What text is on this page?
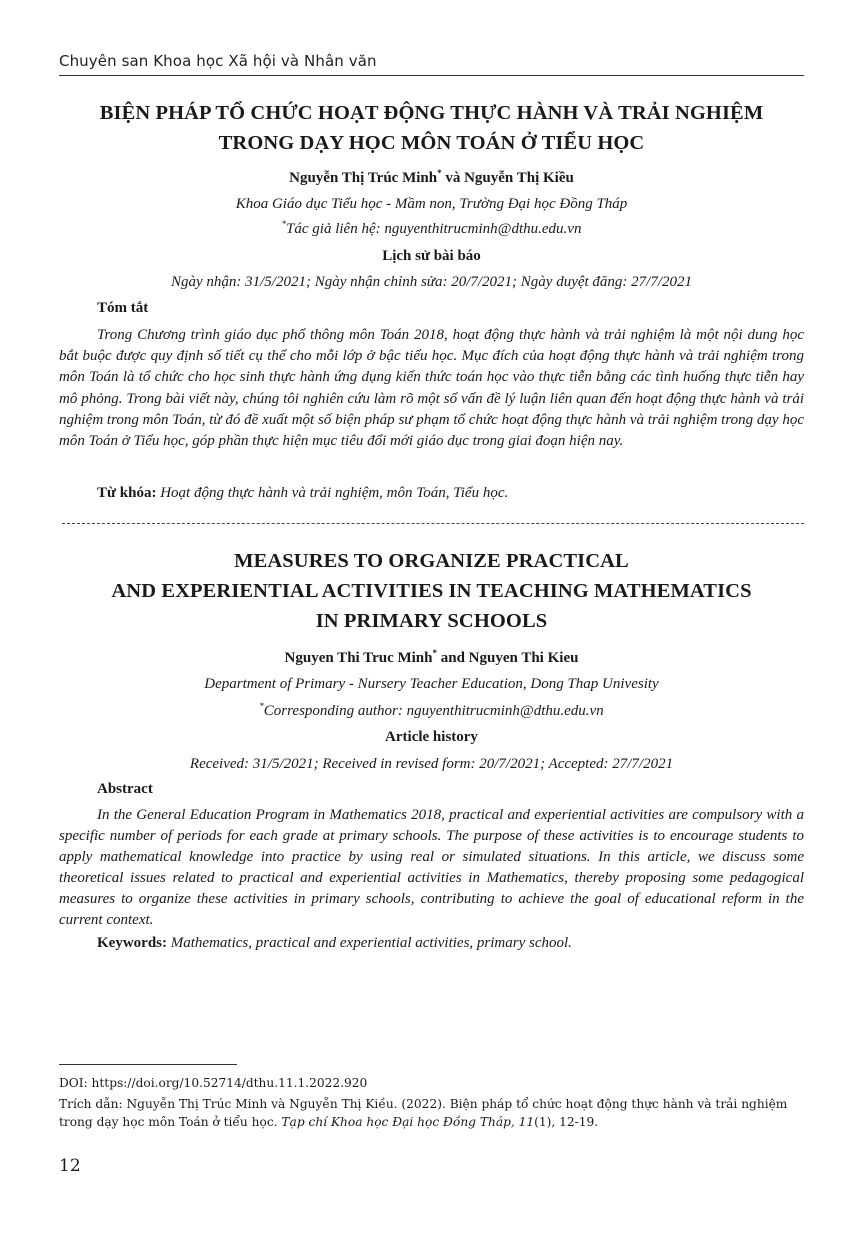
Chuyên san Khoa học Xã hội và Nhân văn
BIỆN PHÁP TỔ CHỨC HOẠT ĐỘNG THỰC HÀNH VÀ TRẢI NGHIỆM
TRONG DẠY HỌC MÔN TOÁN Ở TIỂU HỌC
Nguyễn Thị Trúc Minh* và Nguyễn Thị Kiều
Khoa Giáo dục Tiểu học - Mầm non, Trường Đại học Đồng Tháp
*Tác giả liên hệ: nguyenthitrucminh@dthu.edu.vn
Lịch sử bài báo
Ngày nhận: 31/5/2021; Ngày nhận chỉnh sửa: 20/7/2021; Ngày duyệt đăng: 27/7/2021
Tóm tắt
Trong Chương trình giáo dục phổ thông môn Toán 2018, hoạt động thực hành và trải nghiệm là một nội dung học bắt buộc được quy định số tiết cụ thể cho mỗi lớp ở bậc tiểu học. Mục đích của hoạt động thực hành và trải nghiệm trong môn Toán là tổ chức cho học sinh thực hành ứng dụng kiến thức toán học vào thực tiễn bằng các tình huống thực tiễn hay mô phỏng. Trong bài viết này, chúng tôi nghiên cứu làm rõ một số vấn đề lý luận liên quan đến hoạt động thực hành và trải nghiệm trong môn Toán, từ đó đề xuất một số biện pháp sư phạm tổ chức hoạt động thực hành và trải nghiệm trong dạy học môn Toán ở Tiểu học, góp phần thực hiện mục tiêu đổi mới giáo dục trong giai đoạn hiện nay.
Từ khóa: Hoạt động thực hành và trải nghiệm, môn Toán, Tiểu học.
MEASURES TO ORGANIZE PRACTICAL
AND EXPERIENTIAL ACTIVITIES IN TEACHING MATHEMATICS
IN PRIMARY SCHOOLS
Nguyen Thi Truc Minh* and Nguyen Thi Kieu
Department of Primary - Nursery Teacher Education, Dong Thap Univesity
*Corresponding author: nguyenthitrucminh@dthu.edu.vn
Article history
Received: 31/5/2021; Received in revised form: 20/7/2021; Accepted: 27/7/2021
Abstract
In the General Education Program in Mathematics 2018, practical and experiential activities are compulsory with a specific number of periods for each grade at primary schools. The purpose of these activities is to encourage students to apply mathematical knowledge into practice by using real or simulated situations. In this article, we discuss some theoretical issues related to practical and experiential activities in Mathematics, thereby proposing some pedagogical measures to organize these activities in primary schools, contributing to achieve the goal of educational reform in the current context.
Keywords: Mathematics, practical and experiential activities, primary school.
DOI: https://doi.org/10.52714/dthu.11.1.2022.920
Trích dẫn: Nguyễn Thị Trúc Minh và Nguyễn Thị Kiều. (2022). Biện pháp tổ chức hoạt động thực hành và trải nghiệm trong dạy học môn Toán ở tiểu học. Tạp chí Khoa học Đại học Đồng Tháp, 11(1), 12-19.
12
